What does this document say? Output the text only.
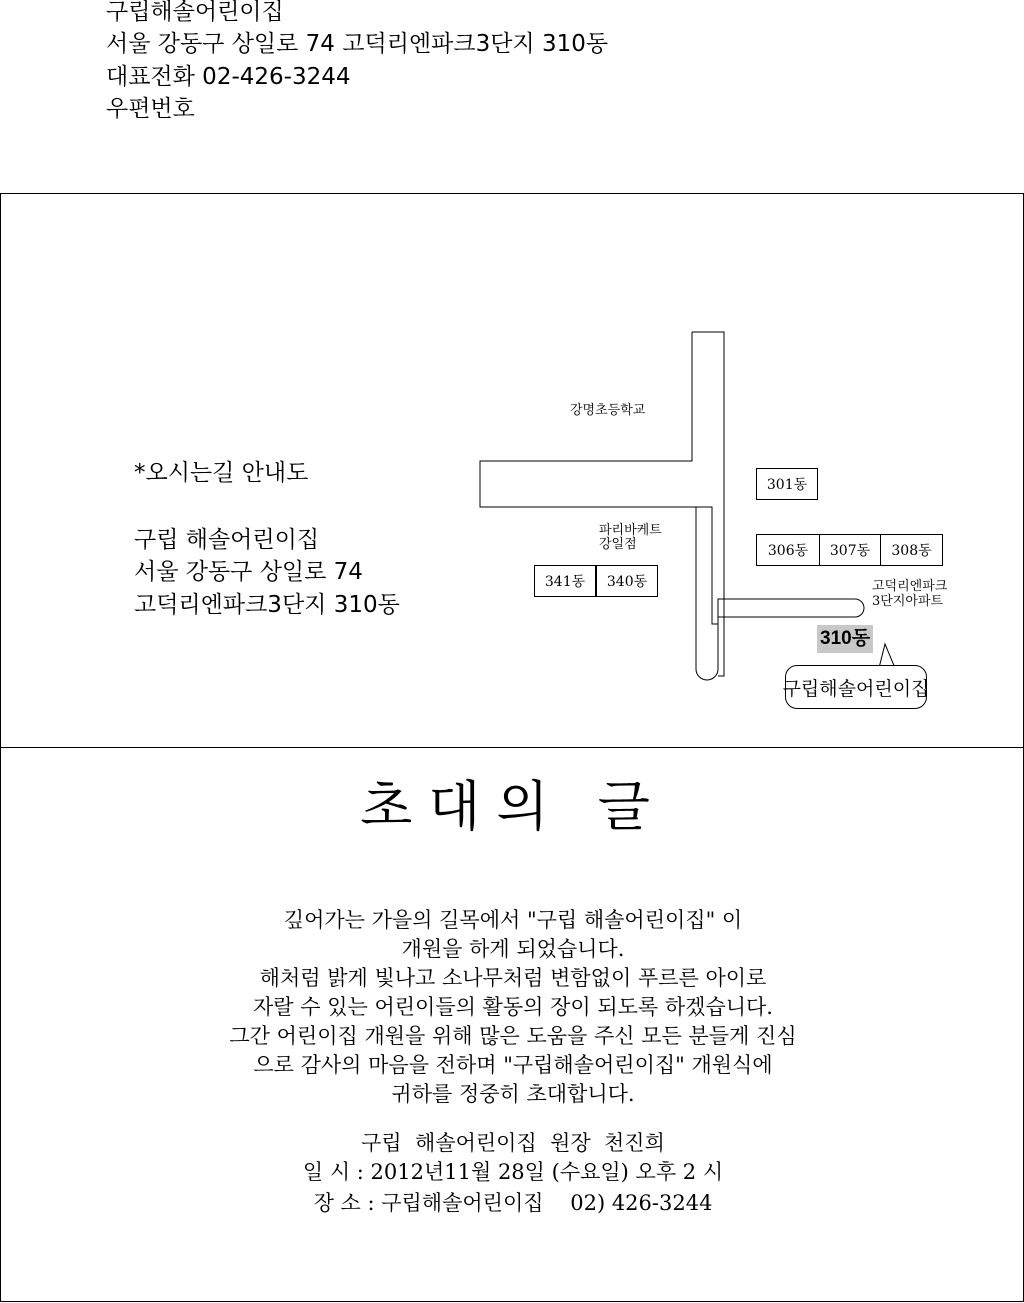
구립해솔어린이집
서울 강동구 상일로 74 고덕리엔파크3단지 310동
대표전화 02-426-3244
우편번호
*오시는길 안내도
구립 해솔어린이집
서울 강동구 상일로 74
고덕리엔파크3단지 310동
강명초등학교
파리바케트
강일점
고덕리엔파크
3단지아파트
301동
306동	307동	308동
341동	340동
310동
구립해솔어린이집
초대의 글
깊어가는 가을의 길목에서 "구립 해솔어린이집" 이
개원을 하게 되었습니다.
해처럼 밝게 빛나고 소나무처럼 변함없이 푸르른 아이로
자랄 수 있는 어린이들의 활동의 장이 되도록 하겠습니다.
그간 어린이집 개원을 위해 많은 도움을 주신 모든 분들게 진심
으로 감사의 마음을 전하며 "구립해솔어린이집" 개원식에
귀하를 정중히 초대합니다.
구립  해솔어린이집  원장  천진희
일 시 : 2012년11월 28일 (수요일) 오후 2 시
장 소 : 구립해솔어린이집    02) 426-3244
